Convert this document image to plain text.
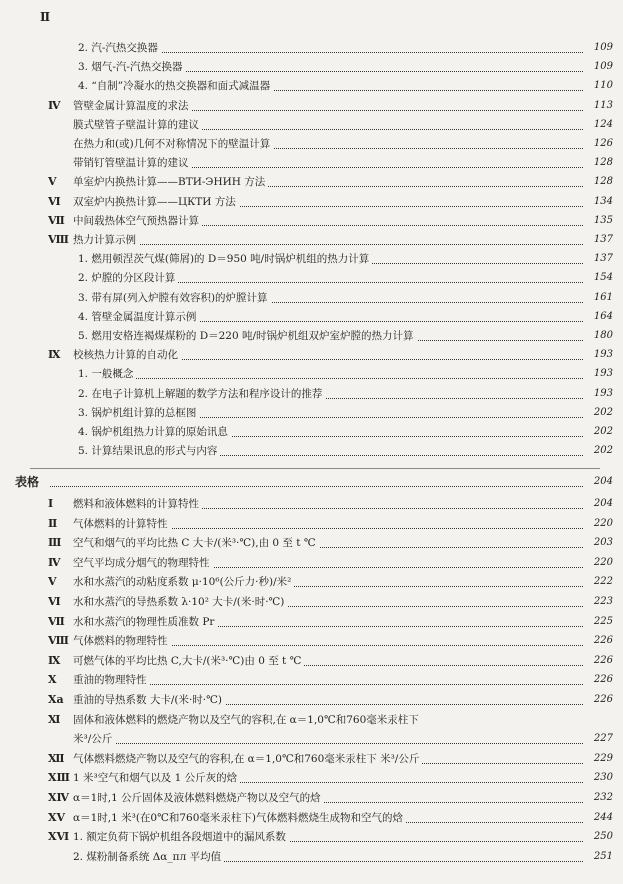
Ⅱ
2. 汽-汽热交换器	109
3. 烟气-汽-汽热交换器	109
4. “自制”冷凝水的热交换器和面式减温器	110
Ⅳ 管壁金属计算温度的求法	113
膜式壁管子壁温计算的建议	124
在热力和(或)几何不对称情况下的壁温计算	126
带销钉管壁温计算的建议	128
Ⅴ 单室炉内换热计算——ВТИ-ЭНИН 方法	128
Ⅵ 双室炉内换热计算——ЦКТИ 方法	134
Ⅶ 中间载热体空气预热器计算	135
Ⅷ 热力计算示例	137
1. 燃用顿涅茨气煤(筛屑)的 D＝950 吨/时锅炉机组的热力计算	137
2. 炉膛的分区段计算	154
3. 带有屏(列入炉膛有效容积)的炉膛计算	161
4. 管壁金属温度计算示例	164
5. 燃用安格连褐煤煤粉的 D＝220 吨/时锅炉机组双炉室炉膛的热力计算	180
Ⅸ 校核热力计算的自动化	193
1. 一般概念	193
2. 在电子计算机上解题的数学方法和程序设计的推荐	193
3. 锅炉机组计算的总框图	202
4. 锅炉机组热力计算的原始讯息	202
5. 计算结果讯息的形式与内容	202
表格	204
Ⅰ 燃料和液体燃料的计算特性	204
Ⅱ 气体燃料的计算特性	220
Ⅲ 空气和烟气的平均比热 C 大卡/(米³·℃),由 0 至 t ℃	203
Ⅳ 空气平均成分烟气的物理特性	220
Ⅴ 水和水蒸汽的动粘度系数 μ·10⁶(公斤力·秒)/米²	222
Ⅵ 水和水蒸汽的导热系数 λ·10² 大卡/(米·时·℃)	223
Ⅶ 水和水蒸汽的物理性质准数 Pr	225
Ⅷ 气体燃料的物理特性	226
Ⅸ 可燃气体的平均比热 C,大卡/(米³·℃)由 0 至 t ℃	226
Ⅹ 重油的物理特性	226
Ⅹa 重油的导热系数 大卡/(米·时·℃)	226
Ⅺ 固体和液体燃料的燃烧产物以及空气的容积,在 α＝1,0℃和760毫米汞柱下
米³/公斤	227
Ⅻ 气体燃料燃烧产物以及空气的容积,在 α＝1,0℃和760毫米汞柱下 米³/公斤	229
XⅢ 1 米³空气和烟气以及 1 公斤灰的焓	230
XⅣ α＝1时,1 公斤固体及液体燃料燃烧产物以及空气的焓	232
XⅤ α＝1时,1 米³(在0℃和760毫米汞柱下)气体燃料燃烧生成物和空气的焓	244
XⅥ 1. 额定负荷下锅炉机组各段烟道中的漏风系数	250
2. 煤粉制备系统 Δα_пл 平均值	251
